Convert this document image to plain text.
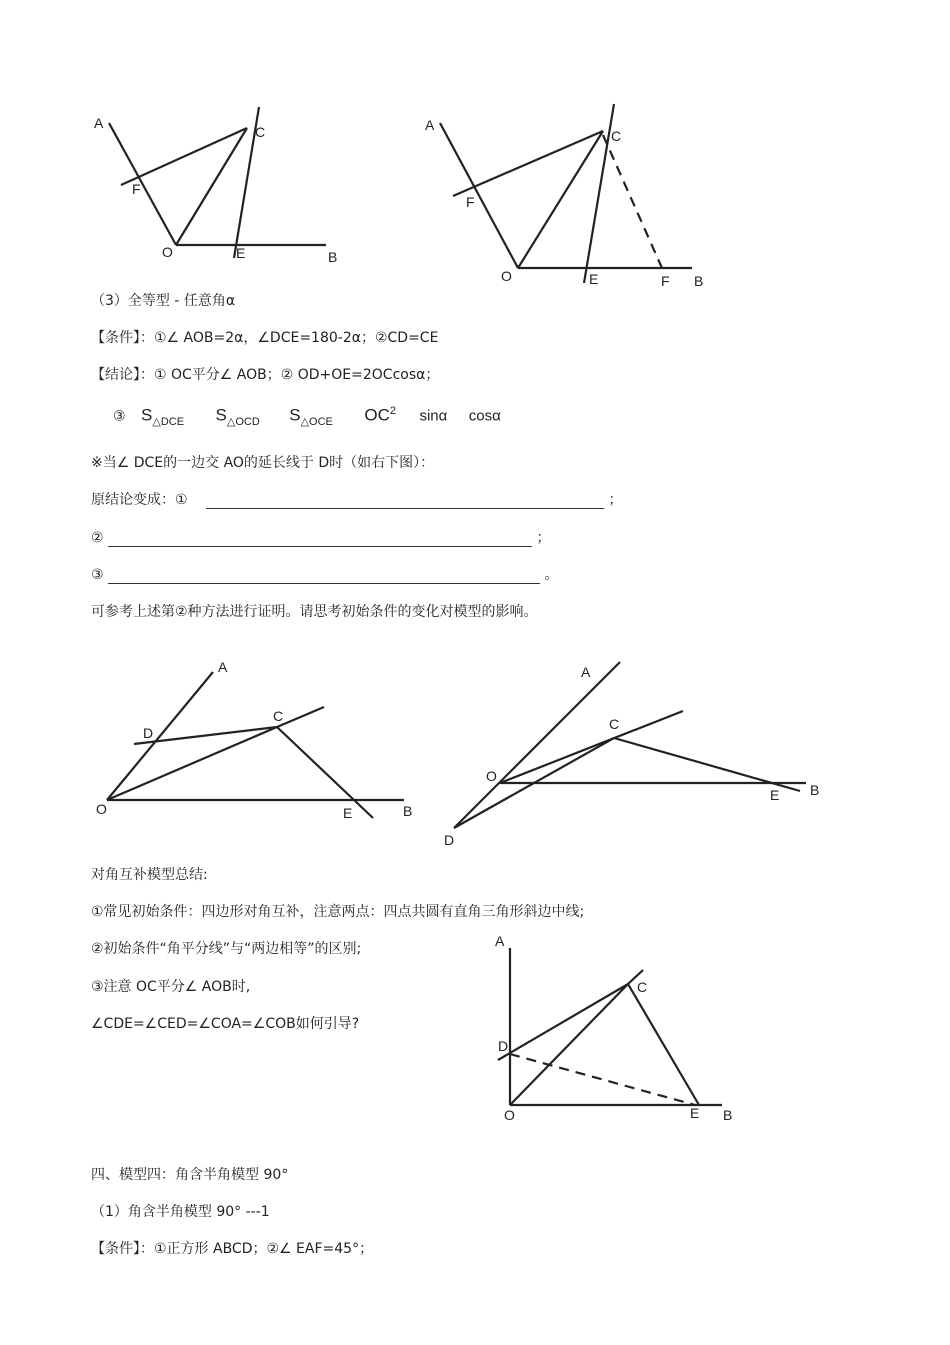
A
C
F
O	E	B
A
C
F
O	E	F B
（3）全等型 - 任意角α
【条件】：①∠ AOB=2α，∠DCE=180-2α；②CD=CE
【结论】：① OC平分∠ AOB；② OD+OE=2OCcosα；
③ $S_{\triangle DCE}$ $S_{\triangle OCD}$ $S_{\triangle OCE}$ $OC^2$ sinα cosα
※当∠ DCE的一边交 AO的延长线于 D时（如右下图）：
原结论变成：①	；
②	；
③	。
可参考上述第②种方法进行证明。请思考初始条件的变化对模型的影响。
A
D
C
O	E	B
A
C
O
E B
D
对角互补模型总结:
①常见初始条件：四边形对角互补，注意两点：四点共圆有直角三角形斜边中线;
②初始条件“角平分线”与“两边相等”的区别;
③注意 OC平分∠ AOB时,
∠CDE=∠CED=∠COA=∠COB如何引导?
A
C
D
O	E B
四、模型四：角含半角模型 90°
（1）角含半角模型 90° ---1
【条件】：①正方形 ABCD；②∠ EAF=45°；
